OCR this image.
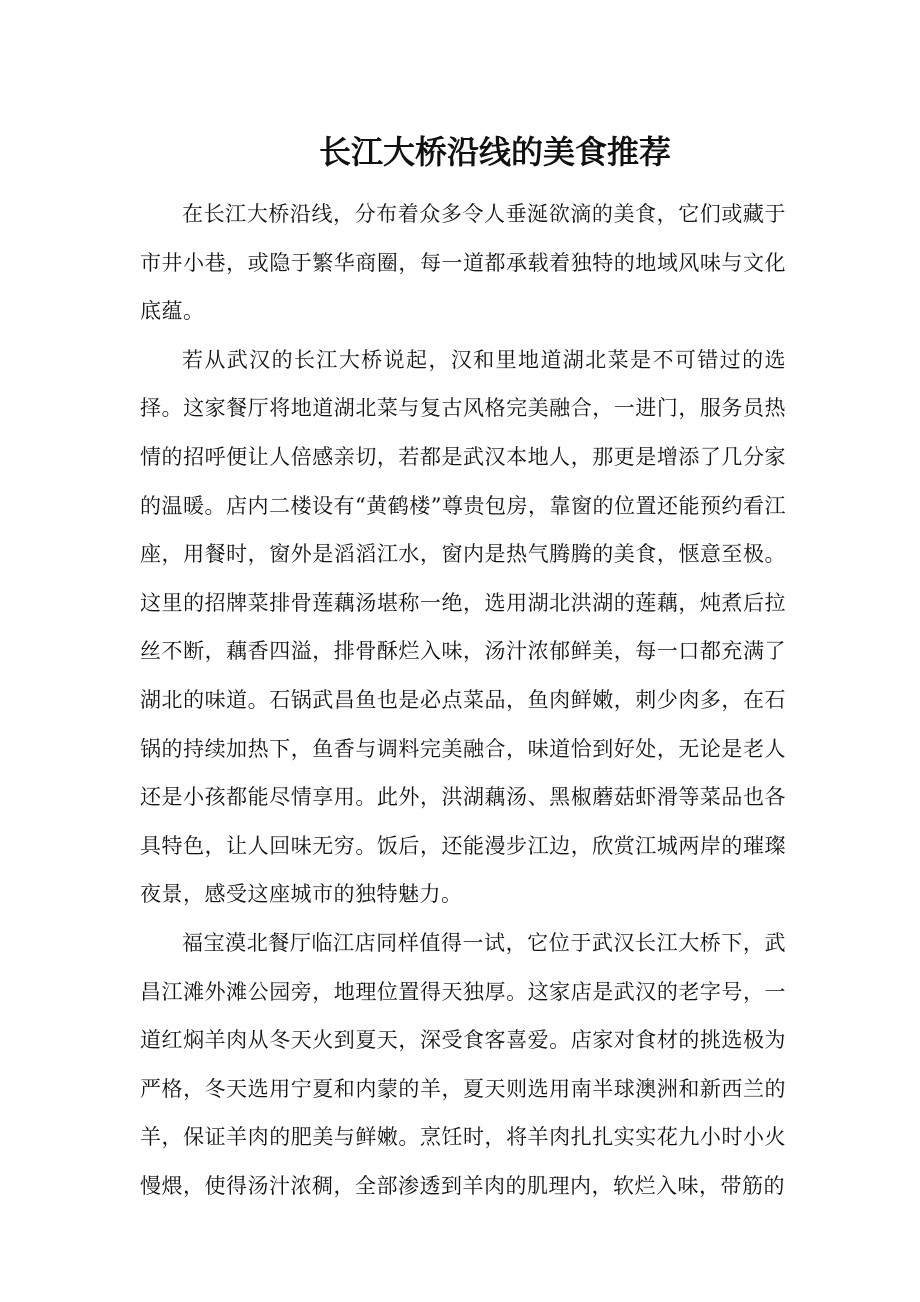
长江大桥沿线的美食推荐

在长江大桥沿线，分布着众多令人垂涎欲滴的美食，它们或藏于市井小巷，或隐于繁华商圈，每一道都承载着独特的地域风味与文化底蕴。

若从武汉的长江大桥说起，汉和里地道湖北菜是不可错过的选择。这家餐厅将地道湖北菜与复古风格完美融合，一进门，服务员热情的招呼便让人倍感亲切，若都是武汉本地人，那更是增添了几分家的温暖。店内二楼设有“黄鹤楼”尊贵包房，靠窗的位置还能预约看江座，用餐时，窗外是滔滔江水，窗内是热气腾腾的美食，惬意至极。这里的招牌菜排骨莲藕汤堪称一绝，选用湖北洪湖的莲藕，炖煮后拉丝不断，藕香四溢，排骨酥烂入味，汤汁浓郁鲜美，每一口都充满了湖北的味道。石锅武昌鱼也是必点菜品，鱼肉鲜嫩，刺少肉多，在石锅的持续加热下，鱼香与调料完美融合，味道恰到好处，无论是老人还是小孩都能尽情享用。此外，洪湖藕汤、黑椒蘑菇虾滑等菜品也各具特色，让人回味无穷。饭后，还能漫步江边，欣赏江城两岸的璀璨夜景，感受这座城市的独特魅力。

福宝漠北餐厅临江店同样值得一试，它位于武汉长江大桥下，武昌江滩外滩公园旁，地理位置得天独厚。这家店是武汉的老字号，一道红焖羊肉从冬天火到夏天，深受食客喜爱。店家对食材的挑选极为严格，冬天选用宁夏和内蒙的羊，夏天则选用南半球澳洲和新西兰的羊，保证羊肉的肥美与鲜嫩。烹饪时，将羊肉扎扎实实花九小时小火慢煨，使得汤汁浓稠，全部渗透到羊肉的肌理内，软烂入味，带筋的
